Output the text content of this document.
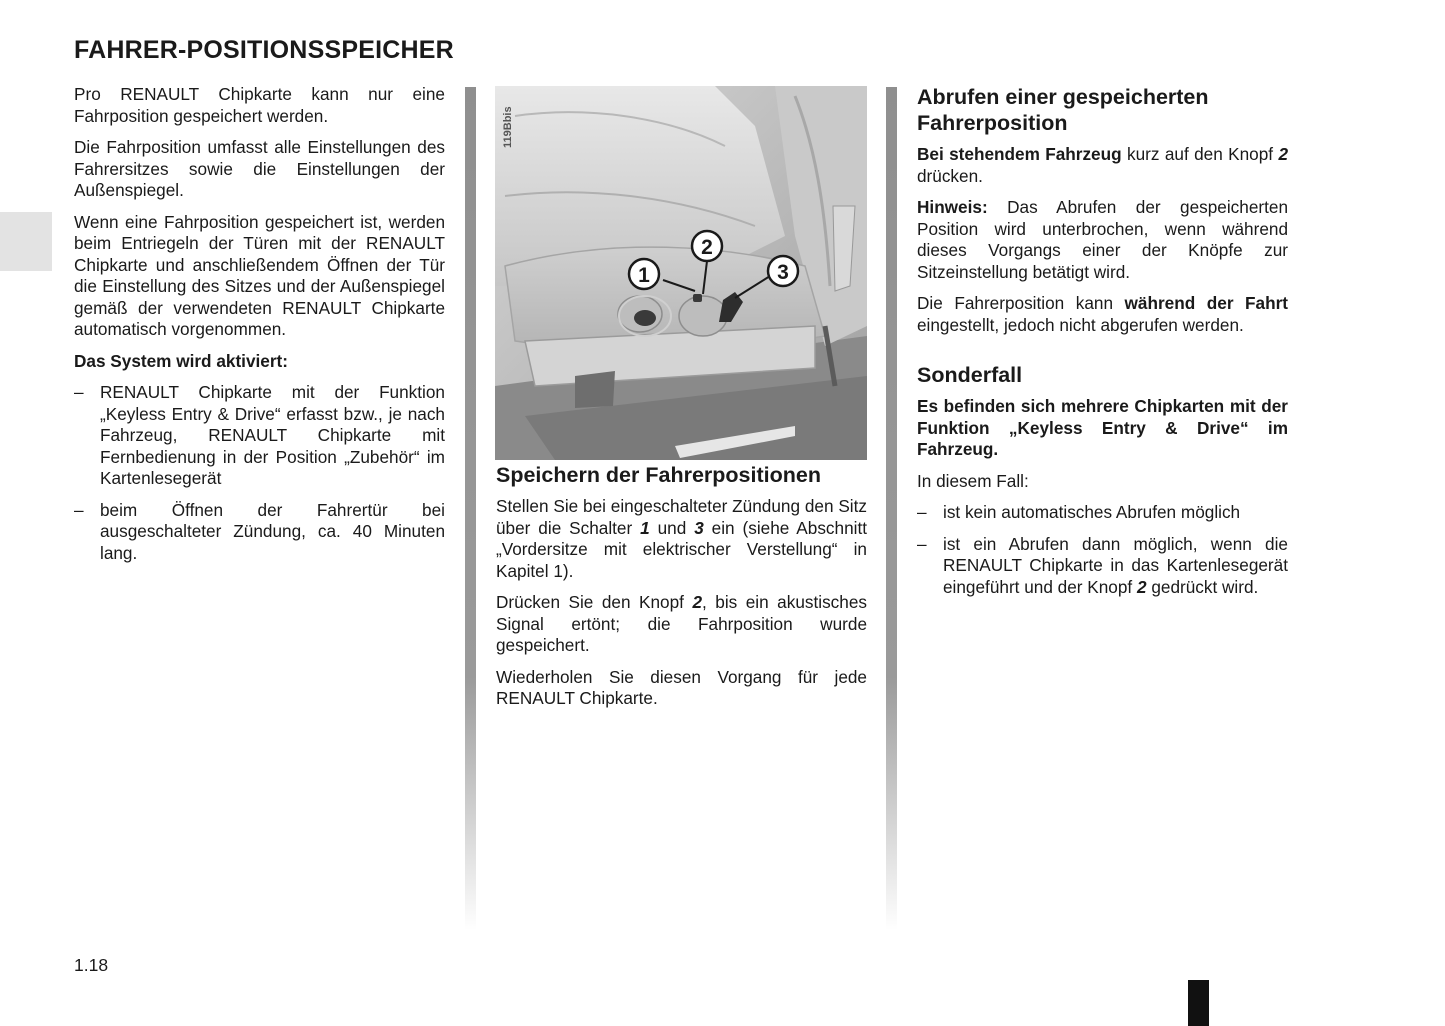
FAHRER-POSITIONSSPEICHER

Pro RENAULT Chipkarte kann nur eine Fahrposition gespeichert werden.

Die Fahrposition umfasst alle Einstellungen des Fahrersitzes sowie die Einstellungen der Außenspiegel.

Wenn eine Fahrposition gespeichert ist, werden beim Entriegeln der Türen mit der RENAULT Chipkarte und anschließendem Öffnen der Tür die Einstellung des Sitzes und der Außenspiegel gemäß der verwendeten RENAULT Chipkarte automatisch vorgenommen.

Das System wird aktiviert:

– RENAULT Chipkarte mit der Funktion „Keyless Entry & Drive“ erfasst bzw., je nach Fahrzeug, RENAULT Chipkarte mit Fernbedienung in der Position „Zubehör“ im Kartenlesegerät
– beim Öffnen der Fahrertür bei ausgeschalteter Zündung, ca. 40 Minuten lang.
1
2
3
119Bbis
Speichern der Fahrerpositionen

Stellen Sie bei eingeschalteter Zündung den Sitz über die Schalter 1 und 3 ein (siehe Abschnitt „Vordersitze mit elektrischer Verstellung“ in Kapitel 1).

Drücken Sie den Knopf 2, bis ein akustisches Signal ertönt; die Fahrposition wurde gespeichert.

Wiederholen Sie diesen Vorgang für jede RENAULT Chipkarte.

Abrufen einer gespeicherten Fahrerposition

Bei stehendem Fahrzeug kurz auf den Knopf 2 drücken.

Hinweis: Das Abrufen der gespeicherten Position wird unterbrochen, wenn während dieses Vorgangs einer der Knöpfe zur Sitzeinstellung betätigt wird.

Die Fahrerposition kann während der Fahrt eingestellt, jedoch nicht abgerufen werden.

Sonderfall

Es befinden sich mehrere Chipkarten mit der Funktion „Keyless Entry & Drive“ im Fahrzeug.

In diesem Fall:

– ist kein automatisches Abrufen möglich
– ist ein Abrufen dann möglich, wenn die RENAULT Chipkarte in das Kartenlesegerät eingeführt und der Knopf 2 gedrückt wird.
1.18
